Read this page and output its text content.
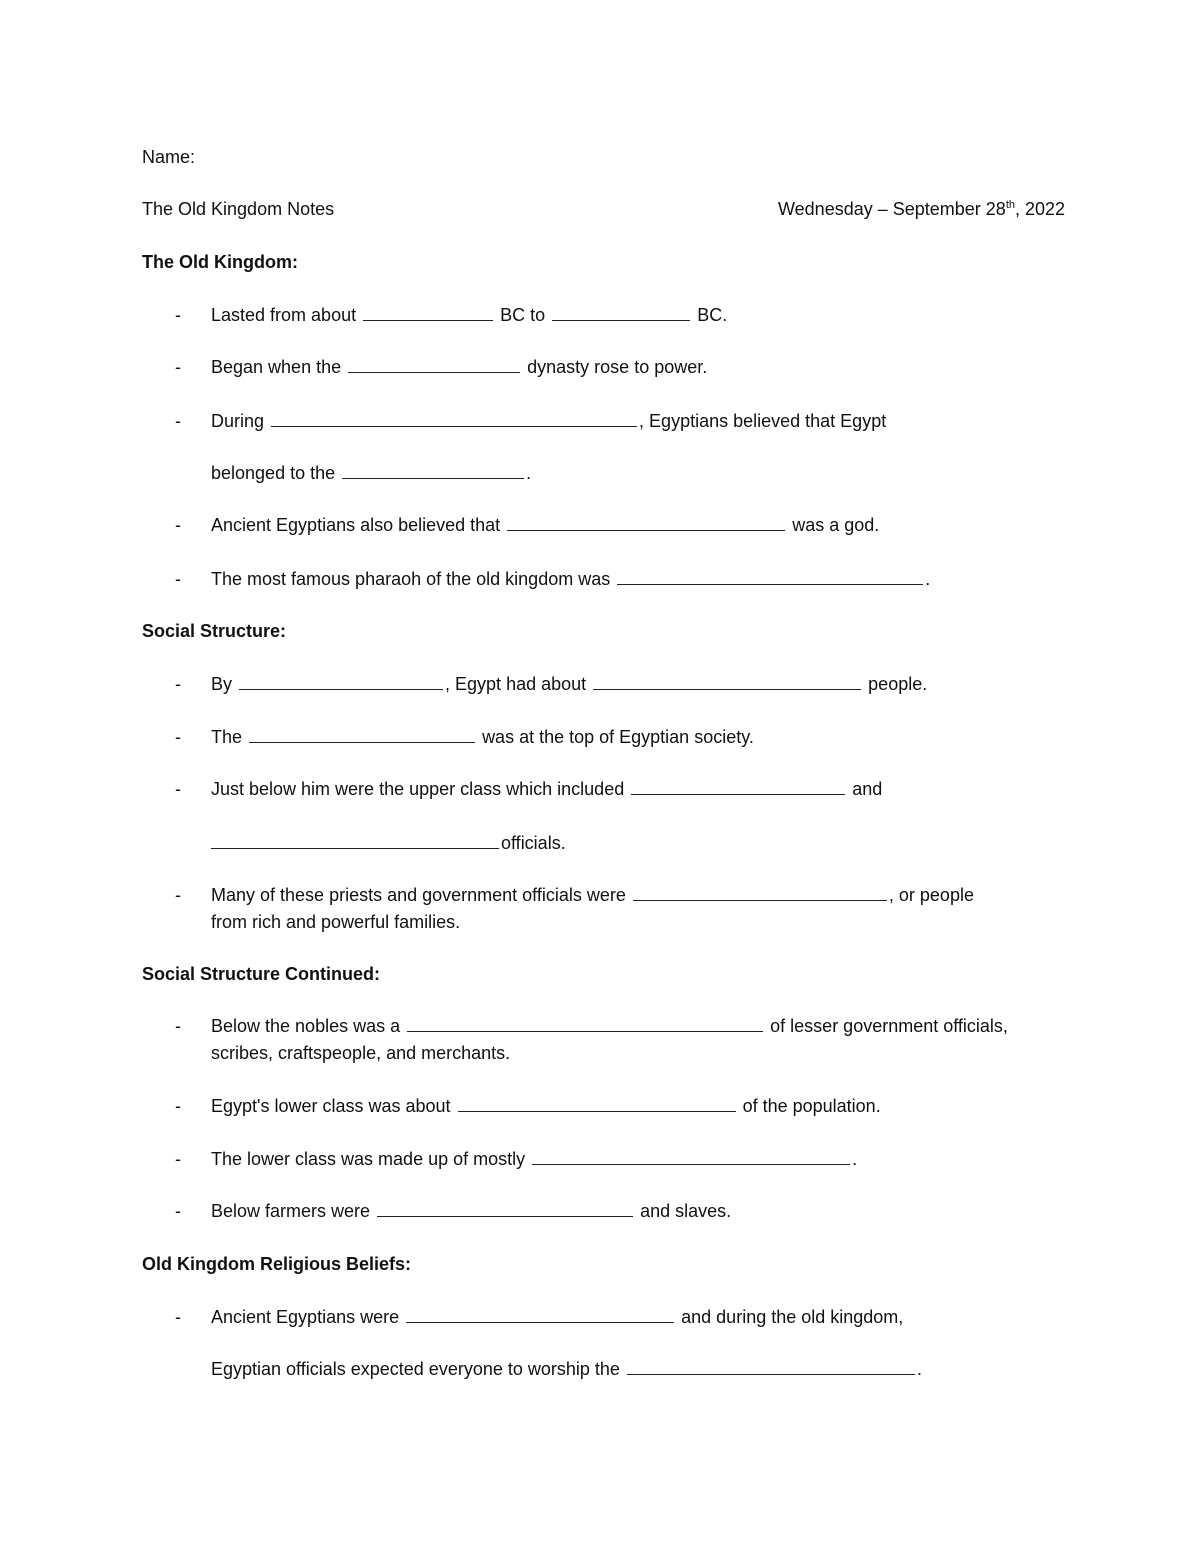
Name:
The Old Kingdom Notes	Wednesday – September 28th, 2022
The Old Kingdom:
- Lasted from about	BC to	BC.
- Began when the	dynasty rose to power.
- During	, Egyptians believed that Egypt
belonged to the	.
- Ancient Egyptians also believed that	was a god.
- The most famous pharaoh of the old kingdom was	.
Social Structure:
- By	, Egypt had about	people.
- The	was at the top of Egyptian society.
- Just below him were the upper class which included	and
officials.
- Many of these priests and government officials were	, or people
from rich and powerful families.
Social Structure Continued:
- Below the nobles was a	of lesser government officials,
scribes, craftspeople, and merchants.
- Egypt's lower class was about	of the population.
- The lower class was made up of mostly	.
- Below farmers were	and slaves.
Old Kingdom Religious Beliefs:
- Ancient Egyptians were	and during the old kingdom,
Egyptian officials expected everyone to worship the	.
